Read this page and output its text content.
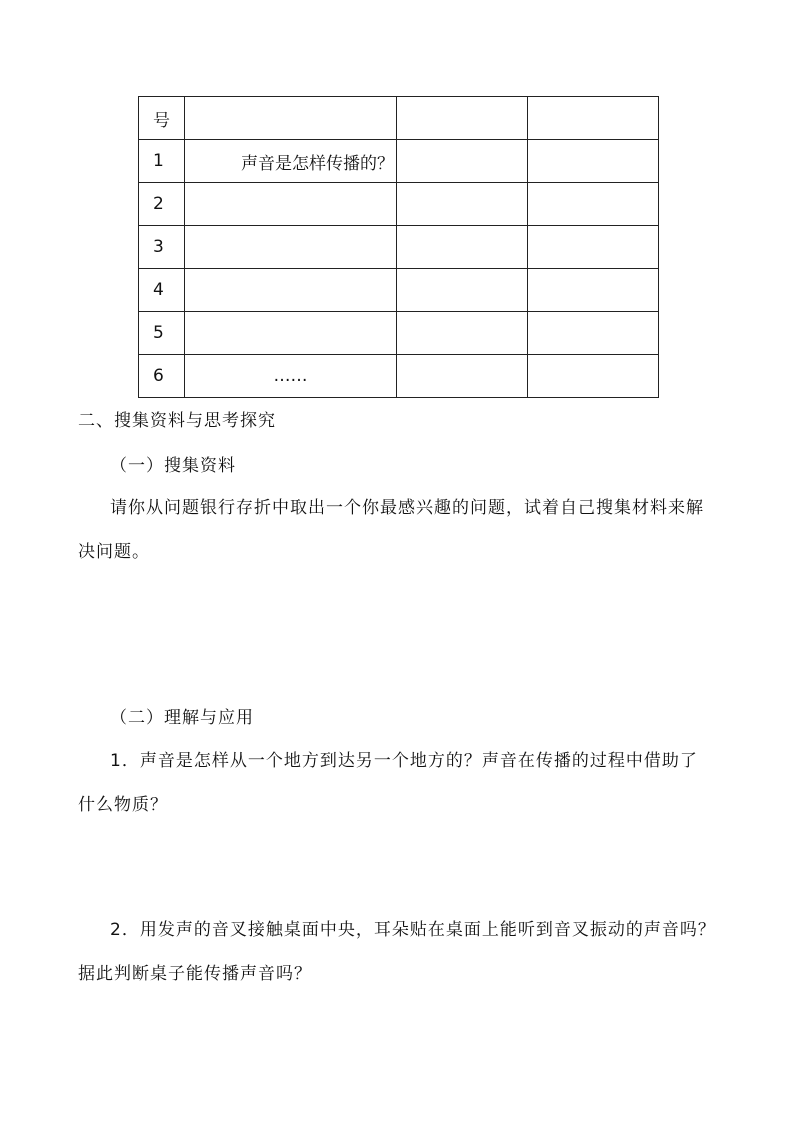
号			
1	声音是怎样传播的？		
2			
3			
4			
5			
6	……		
二、搜集资料与思考探究
（一）搜集资料
请你从问题银行存折中取出一个你最感兴趣的问题，试着自己搜集材料来解
决问题。
（二）理解与应用
1．声音是怎样从一个地方到达另一个地方的？声音在传播的过程中借助了
什么物质？
2．用发声的音叉接触桌面中央，耳朵贴在桌面上能听到音叉振动的声音吗？
据此判断桌子能传播声音吗？
